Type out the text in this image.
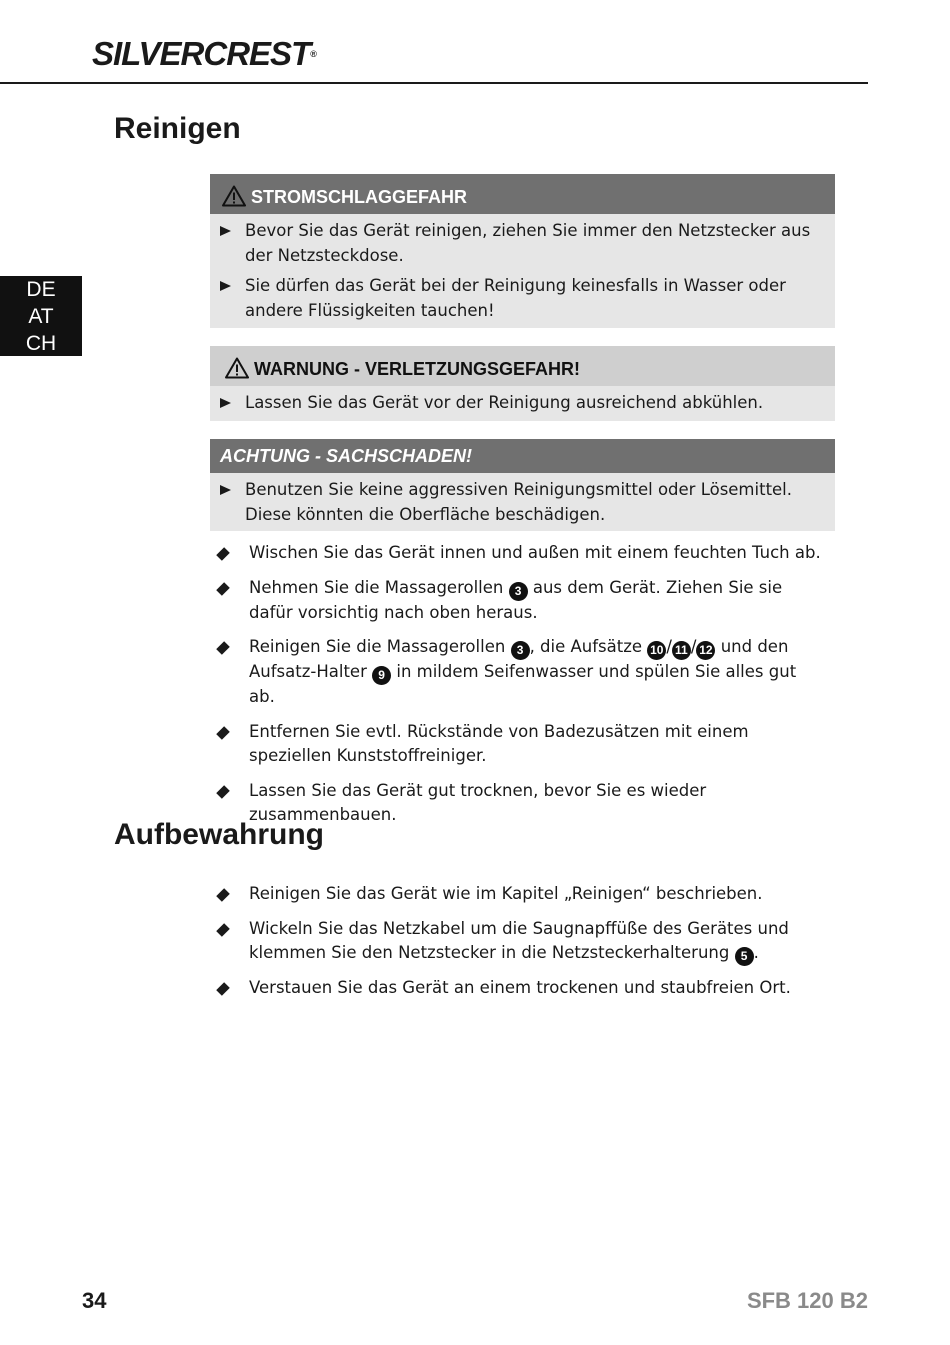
SILVERCREST®
DE
AT
CH
Reinigen
STROMSCHLAGGEFAHR
Bevor Sie das Gerät reinigen, ziehen Sie immer den Netzstecker aus der Netzsteckdose.
Sie dürfen das Gerät bei der Reinigung keinesfalls in Wasser oder andere Flüssigkeiten tauchen!
WARNUNG - VERLETZUNGSGEFAHR!
Lassen Sie das Gerät vor der Reinigung ausreichend abkühlen.
ACHTUNG - SACHSCHADEN!
Benutzen Sie keine aggressiven Reinigungsmittel oder Lösemittel. Diese könnten die Oberfläche beschädigen.
Wischen Sie das Gerät innen und außen mit einem feuchten Tuch ab.
Nehmen Sie die Massagerollen 3 aus dem Gerät. Ziehen Sie sie dafür vorsichtig nach oben heraus.
Reinigen Sie die Massagerollen 3 , die Aufsätze 10 / 11 / 12 und den Aufsatz-Halter 9 in mildem Seifenwasser und spülen Sie alles gut ab.
Entfernen Sie evtl. Rückstände von Badezusätzen mit einem speziellen Kunststoffreiniger.
Lassen Sie das Gerät gut trocknen, bevor Sie es wieder zusammenbauen.
Aufbewahrung
Reinigen Sie das Gerät wie im Kapitel „Reinigen“ beschrieben.
Wickeln Sie das Netzkabel um die Saugnapffüße des Gerätes und klemmen Sie den Netzstecker in die Netzsteckerhalterung 5 .
Verstauen Sie das Gerät an einem trockenen und staubfreien Ort.
34	SFB 120 B2
